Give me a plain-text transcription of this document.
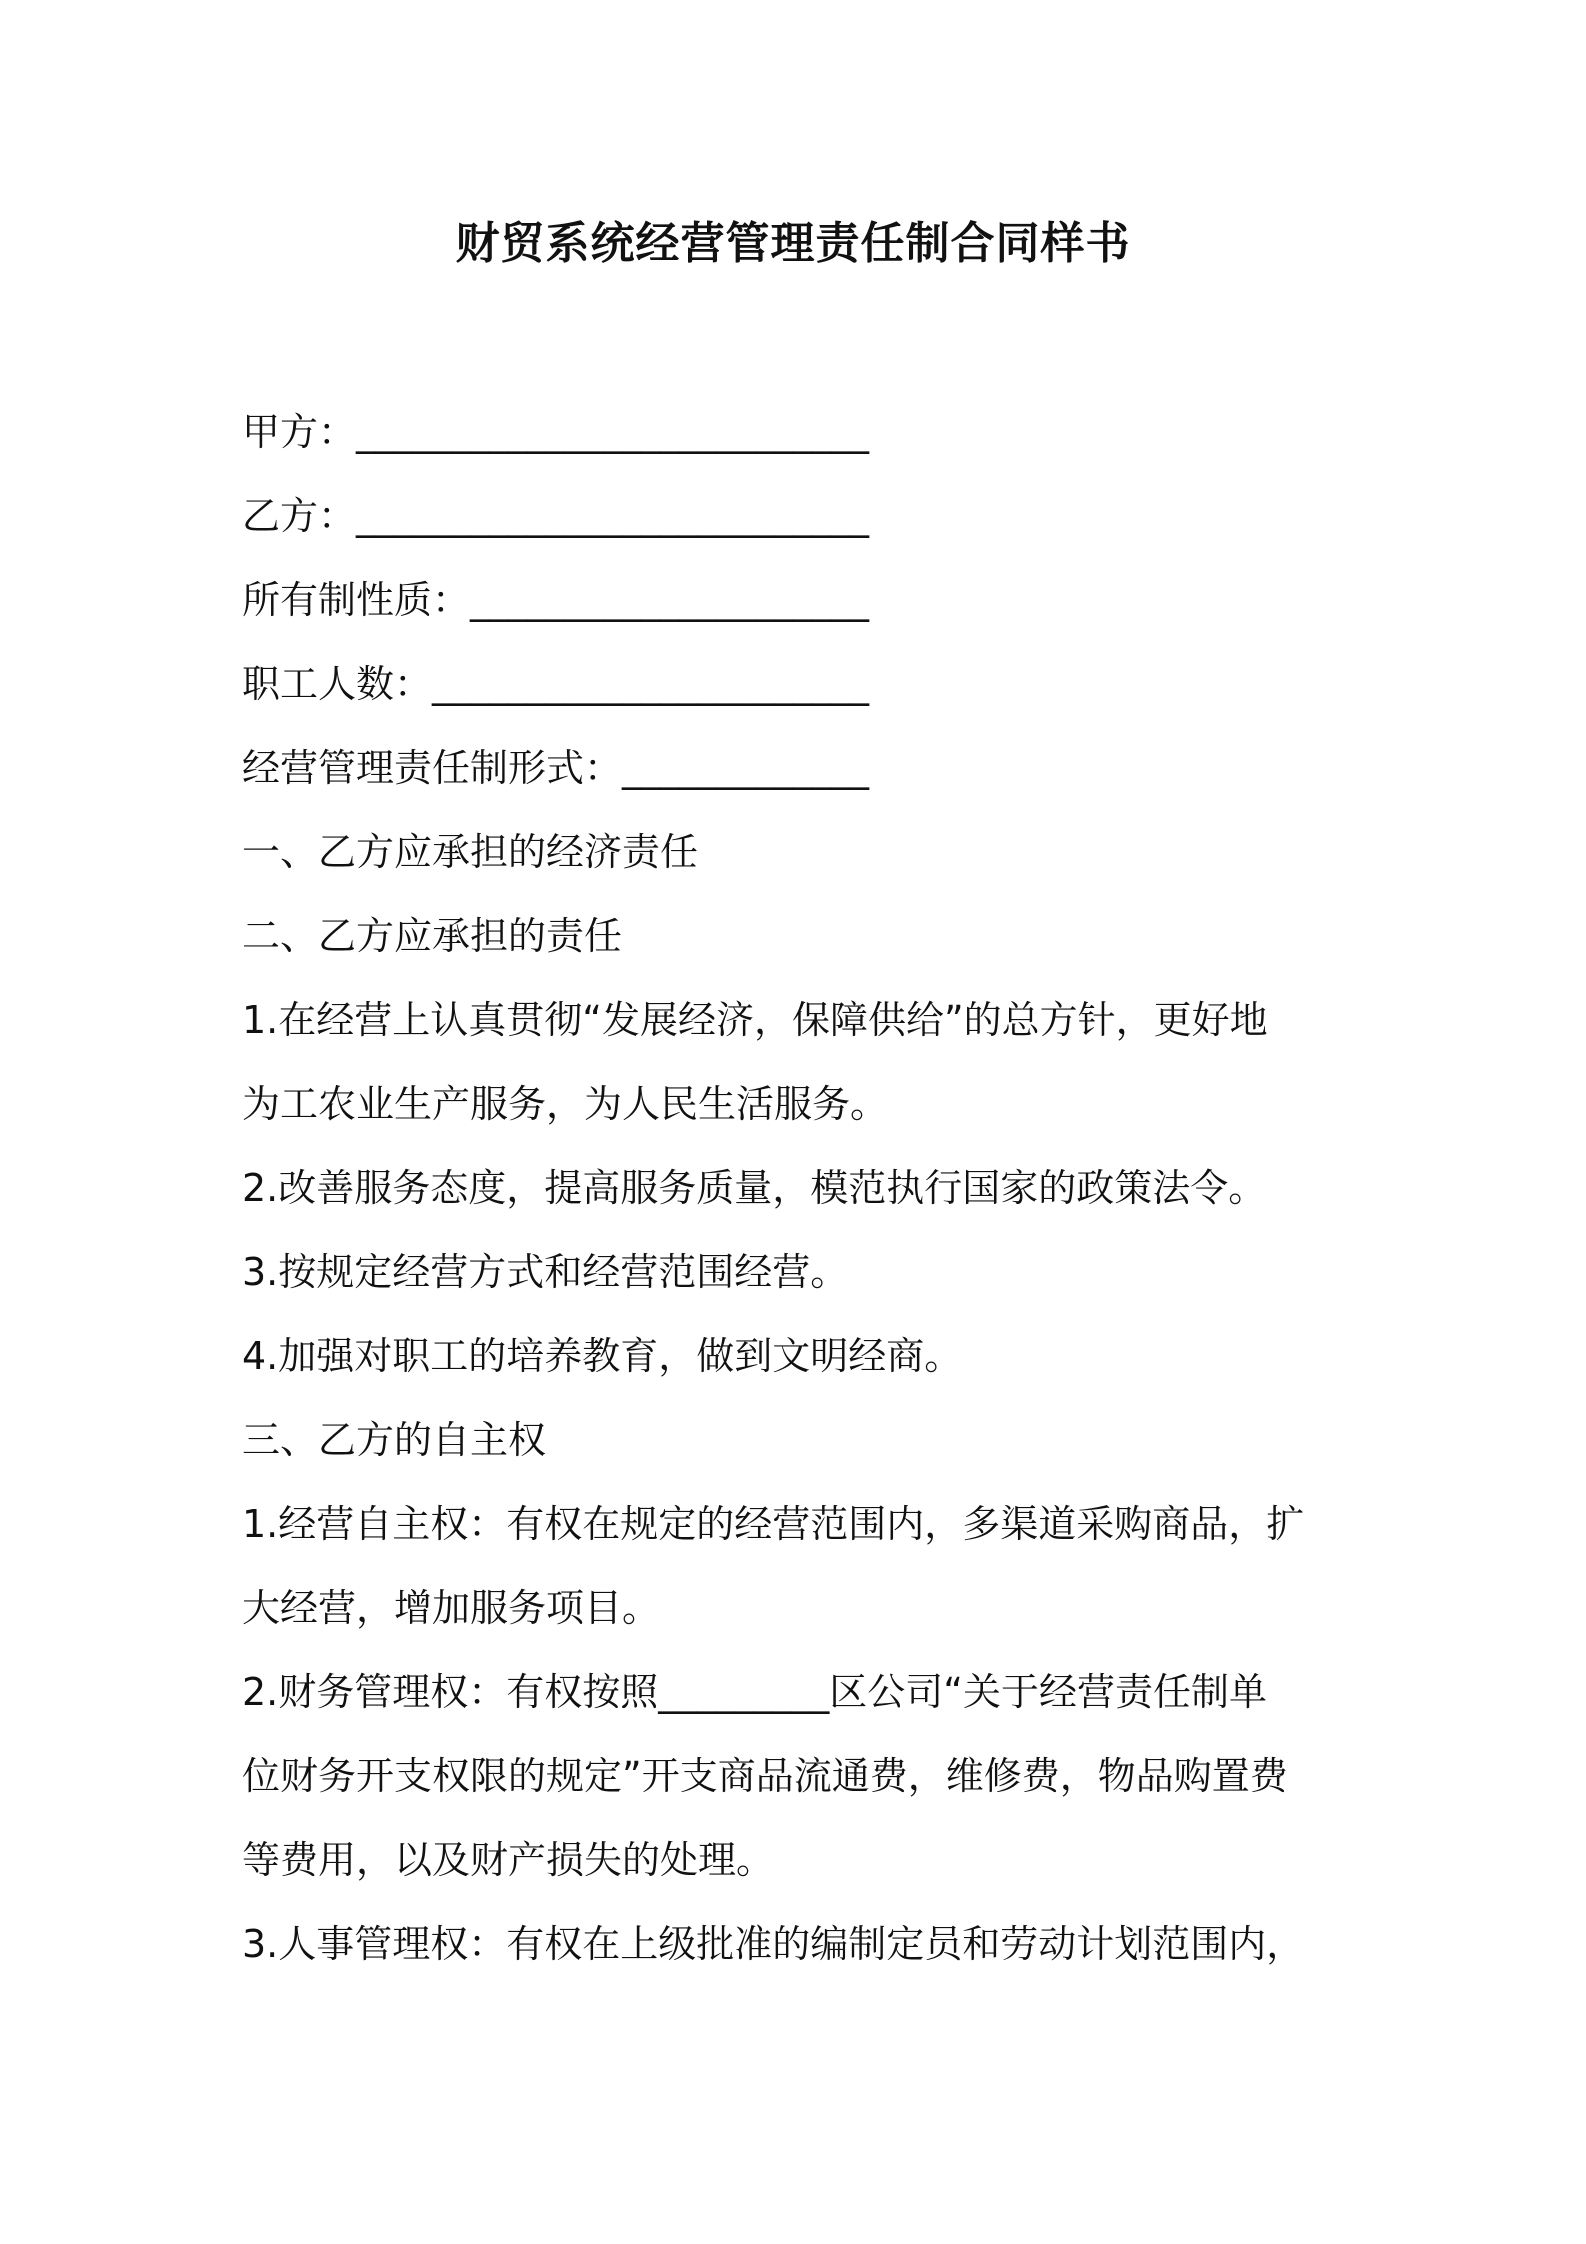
财贸系统经营管理责任制合同样书

甲方：___________________________

乙方：___________________________

所有制性质：_____________________

职工人数：_______________________

经营管理责任制形式：_____________

一、乙方应承担的经济责任

二、乙方应承担的责任

1.在经营上认真贯彻“发展经济，保障供给”的总方针，更好地

为工农业生产服务，为人民生活服务。

2.改善服务态度，提高服务质量，模范执行国家的政策法令。

3.按规定经营方式和经营范围经营。

4.加强对职工的培养教育，做到文明经商。

三、乙方的自主权

1.经营自主权：有权在规定的经营范围内，多渠道采购商品，扩

大经营，增加服务项目。

2.财务管理权：有权按照_________区公司“关于经营责任制单

位财务开支权限的规定”开支商品流通费，维修费，物品购置费

等费用，以及财产损失的处理。

3.人事管理权：有权在上级批准的编制定员和劳动计划范围内，
